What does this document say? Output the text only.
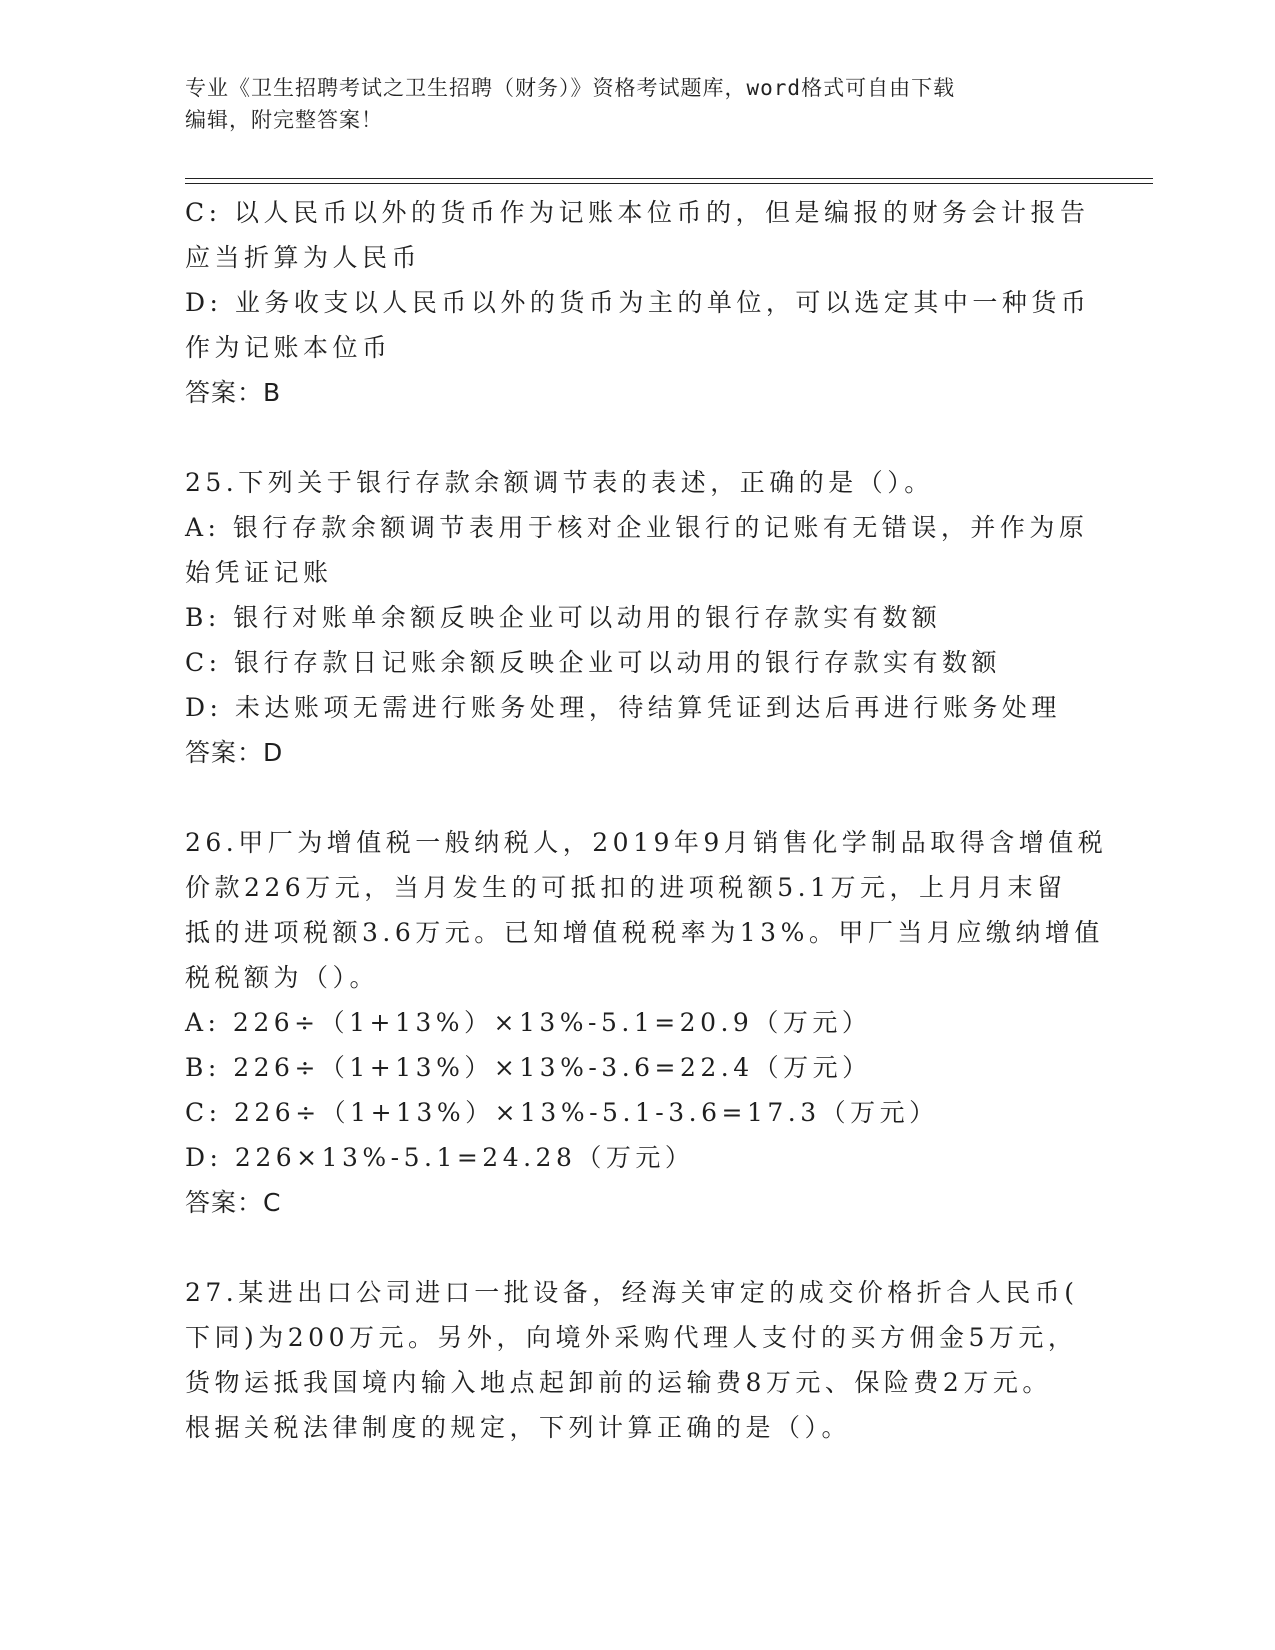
专业《卫生招聘考试之卫生招聘（财务）》资格考试题库，word格式可自由下载
编辑，附完整答案！
C: 以人民币以外的货币作为记账本位币的，但是编报的财务会计报告
应当折算为人民币
D: 业务收支以人民币以外的货币为主的单位，可以选定其中一种货币
作为记账本位币
答案：B
25.下列关于银行存款余额调节表的表述，正确的是（）。
A: 银行存款余额调节表用于核对企业银行的记账有无错误，并作为原
始凭证记账
B: 银行对账单余额反映企业可以动用的银行存款实有数额
C: 银行存款日记账余额反映企业可以动用的银行存款实有数额
D: 未达账项无需进行账务处理，待结算凭证到达后再进行账务处理
答案：D
26.甲厂为增值税一般纳税人，2019年9月销售化学制品取得含增值税
价款226万元，当月发生的可抵扣的进项税额5.1万元，上月月末留
抵的进项税额3.6万元。已知增值税税率为13%。甲厂当月应缴纳增值
税税额为（）。
A: 226÷（1+13%）×13%-5.1=20.9（万元）
B: 226÷（1+13%）×13%-3.6=22.4（万元）
C: 226÷（1+13%）×13%-5.1-3.6=17.3（万元）
D: 226×13%-5.1=24.28（万元）
答案：C
27.某进出口公司进口一批设备，经海关审定的成交价格折合人民币(
下同)为200万元。另外，向境外采购代理人支付的买方佣金5万元，
货物运抵我国境内输入地点起卸前的运输费8万元、保险费2万元。
根据关税法律制度的规定，下列计算正确的是（）。
